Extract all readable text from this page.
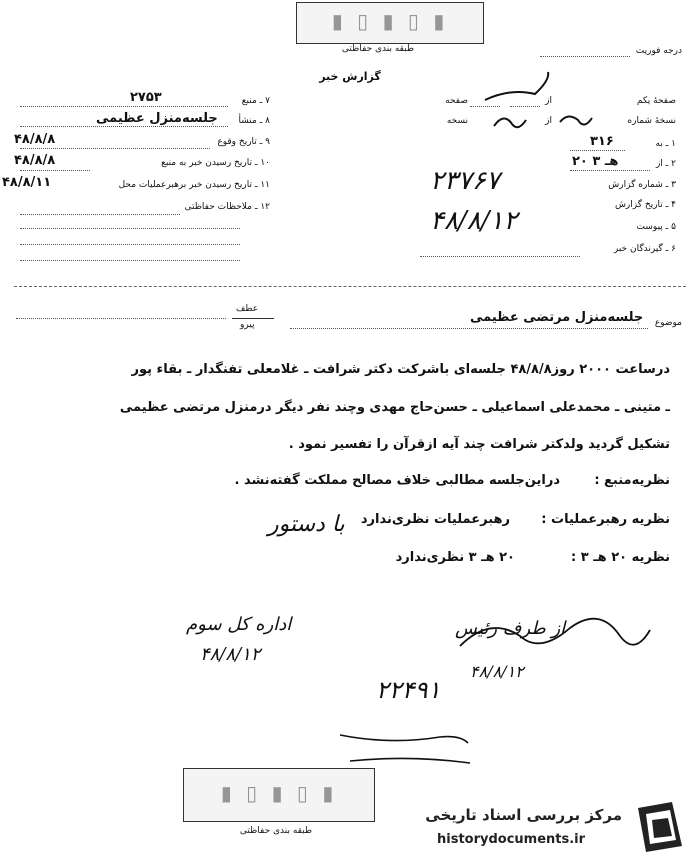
▮ ▯ ▮ ▯ ▮
طبقه بندی حفاظتی	درجه فوریت
گزارش خبر
صفحهٔ یکم
از
صفحه
نسخهٔ شماره
از
نسخه
۱ ـ به
۳۱۶
۲ ـ از
۲۰ هـ ۳
۳ ـ شماره گزارش
۲۳۷۶۷
۴ ـ تاریخ گزارش
۵ ـ پیوست
۴۸/۸/۱۲
۶ ـ گیرندگان خبر
۷ ـ منبع
۲۷۵۳
۸ ـ منشأ
جلسه‌منزل عظیمی
۹ ـ تاریخ وقوع
۴۸/۸/۸
۱۰ ـ تاریخ رسیدن خبر به منبع
۴۸/۸/۸
۱۱ ـ تاریخ رسیدن خبر برهبرعملیات محل
۴۸/۸/۱۱
۱۲ ـ ملاحظات حفاظتی
موضوع
جلسه‌منزل مرتضی عظیمی
عطف
پیرو
درساعت ۲۰۰۰ روز۴۸/۸/۸ جلسه‌ای باشرکت دکتر شرافت ـ غلامعلی تفنگدار ـ بقاء پور
ـ متینی ـ محمدعلی اسماعیلی ـ حسن‌حاج مهدی وچند نفر دیگر درمنزل مرتضی عظیمی
تشکیل گردید ولدکتر شرافت چند آیه ازقرآن را تفسیر نمود .
نظریه‌منبع :
دراین‌جلسه مطالبی خلاف مصالح مملکت گفته‌نشد .
نظریه رهبرعملیات :
رهبرعملیات نظری‌ندارد
با دستور
نظریه ۲۰ هـ ۳ :
۲۰ هـ ۳ نظری‌ندارد
اداره کل سوم
۴۸/۸/۱۲
از طرف رئیس
۴۸/۸/۱۲
۲۲۴۹۱
▮ ▯ ▮ ▯ ▮
طبقه بندی حفاظتی
مرکز بررسی اسناد تاریخی
historydocuments.ir
